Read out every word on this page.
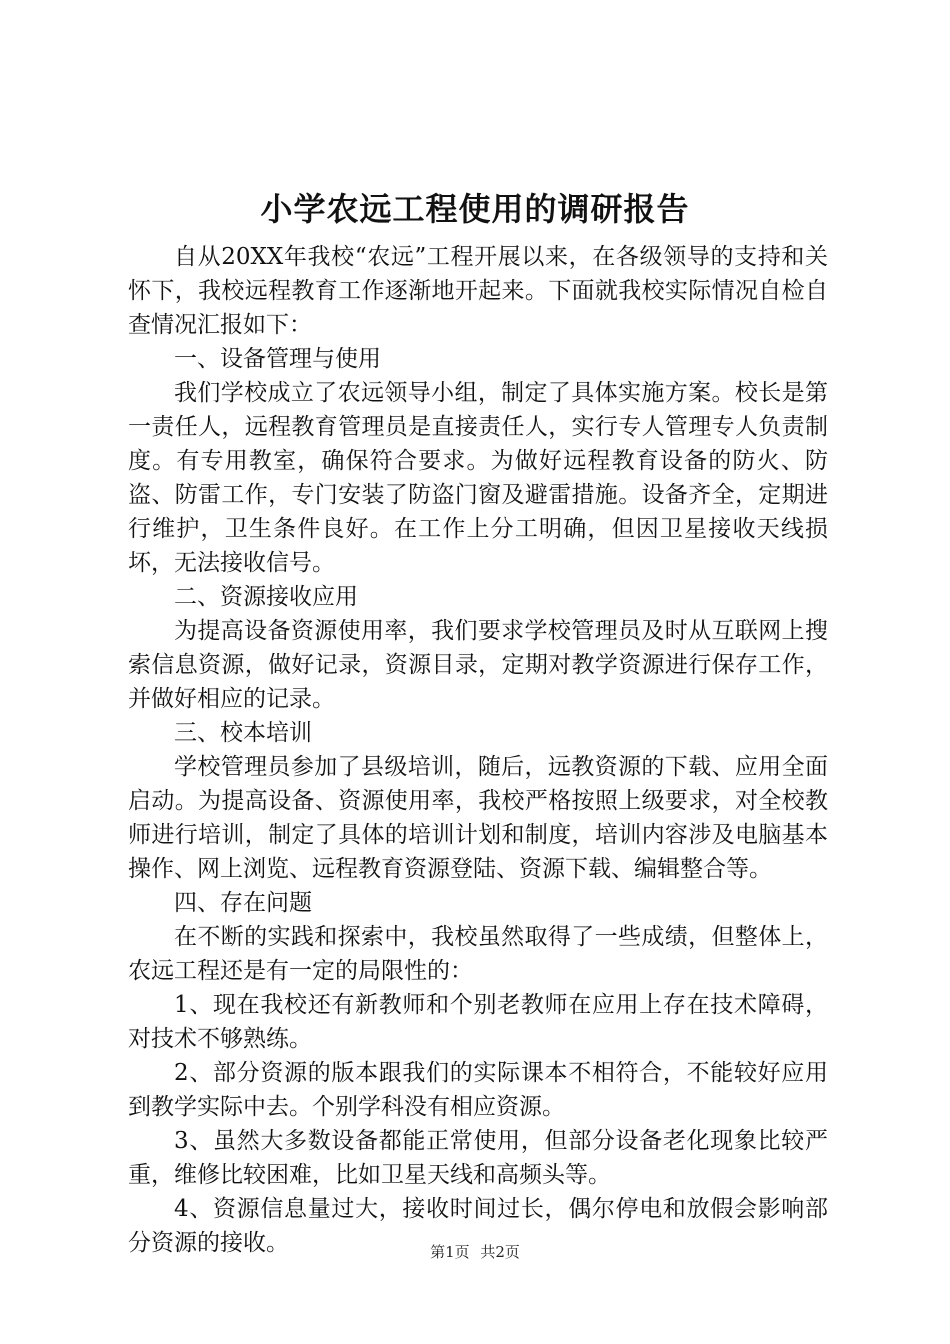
小学农远工程使用的调研报告

自从20XX年我校“农远”工程开展以来，在各级领导的支持和关怀下，我校远程教育工作逐渐地开起来。下面就我校实际情况自检自查情况汇报如下：

一、设备管理与使用

我们学校成立了农远领导小组，制定了具体实施方案。校长是第一责任人，远程教育管理员是直接责任人，实行专人管理专人负责制度。有专用教室，确保符合要求。为做好远程教育设备的防火、防盗、防雷工作，专门安装了防盗门窗及避雷措施。设备齐全，定期进行维护，卫生条件良好。在工作上分工明确，但因卫星接收天线损坏，无法接收信号。

二、资源接收应用

为提高设备资源使用率，我们要求学校管理员及时从互联网上搜索信息资源，做好记录，资源目录，定期对教学资源进行保存工作，并做好相应的记录。

三、校本培训

学校管理员参加了县级培训，随后，远教资源的下载、应用全面启动。为提高设备、资源使用率，我校严格按照上级要求，对全校教师进行培训，制定了具体的培训计划和制度，培训内容涉及电脑基本操作、网上浏览、远程教育资源登陆、资源下载、编辑整合等。

四、存在问题

在不断的实践和探索中，我校虽然取得了一些成绩，但整体上，农远工程还是有一定的局限性的：

1、现在我校还有新教师和个别老教师在应用上存在技术障碍，对技术不够熟练。

2、部分资源的版本跟我们的实际课本不相符合，不能较好应用到教学实际中去。个别学科没有相应资源。

3、虽然大多数设备都能正常使用，但部分设备老化现象比较严重，维修比较困难，比如卫星天线和高频头等。

4、资源信息量过大，接收时间过长，偶尔停电和放假会影响部分资源的接收。	第1页 共2页
